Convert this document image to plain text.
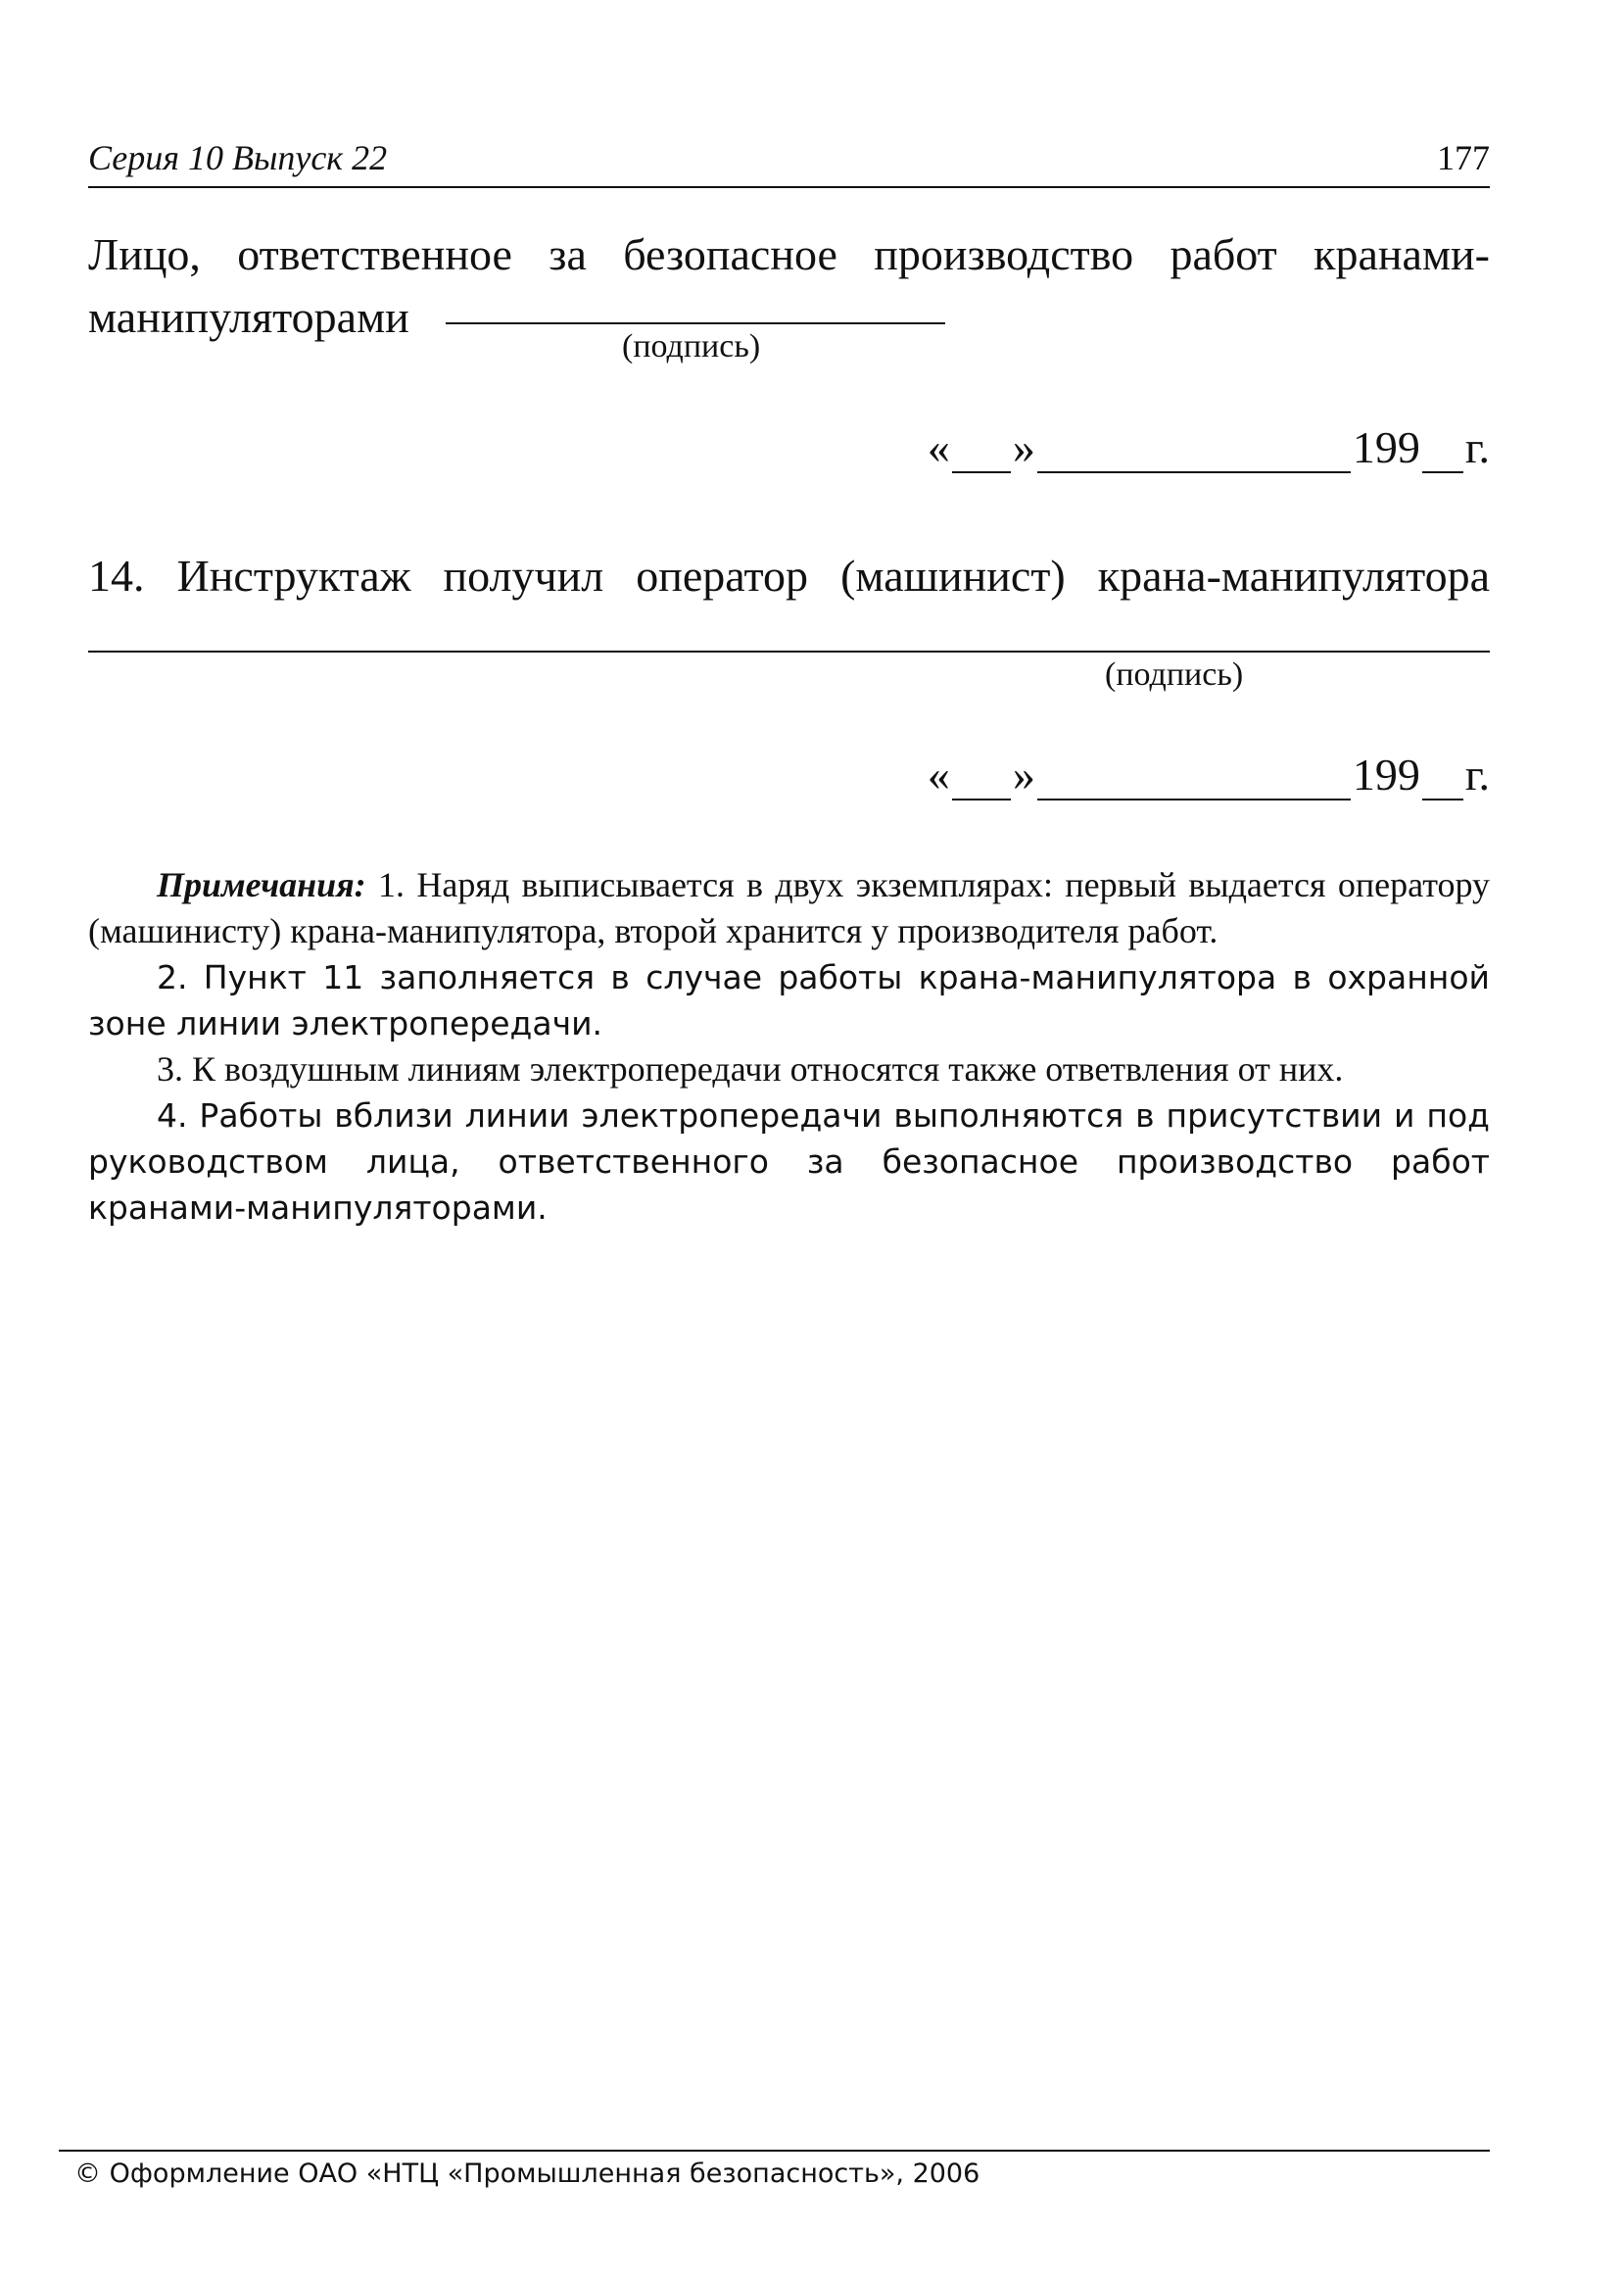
Серия 10 Выпуск 22	177
Лицо, ответственное за безопасное производство работ кранами-
манипуляторами
(подпись)
« »	199 г.
14. Инструктаж получил оператор (машинист) крана-манипулятора
(подпись)
« »	199 г.

Примечания: 1. Наряд выписывается в двух экземплярах: первый выдается оператору (машинисту) крана-манипулятора, второй хранится у производителя работ.

2. Пункт 11 заполняется в случае работы крана-манипулятора в охранной зоне линии электропередачи.

3. К воздушным линиям электропередачи относятся также ответвления от них.

4. Работы вблизи линии электропередачи выполняются в присутствии и под руководством лица, ответственного за безопасное производство работ кранами-манипуляторами.

© Оформление ОАО «НТЦ «Промышленная безопасность», 2006
